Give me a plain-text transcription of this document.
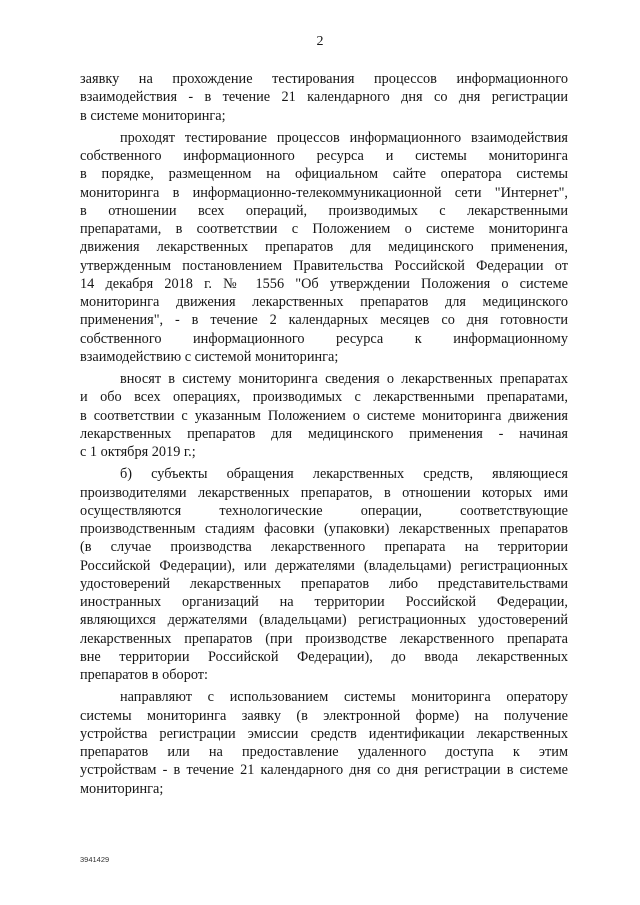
2

заявку на прохождение тестирования процессов информационного
взаимодействия - в течение 21 календарного дня со дня регистрации
в системе мониторинга;

проходят тестирование процессов информационного взаимодействия
собственного информационного ресурса и системы мониторинга
в порядке, размещенном на официальном сайте оператора системы
мониторинга в информационно-телекоммуникационной сети "Интернет",
в отношении всех операций, производимых с лекарственными
препаратами, в соответствии с Положением о системе мониторинга
движения лекарственных препаратов для медицинского применения,
утвержденным постановлением Правительства Российской Федерации от
14 декабря 2018 г. № 1556 "Об утверждении Положения о системе
мониторинга движения лекарственных препаратов для медицинского
применения", - в течение 2 календарных месяцев со дня готовности
собственного информационного ресурса к информационному
взаимодействию с системой мониторинга;

вносят в систему мониторинга сведения о лекарственных препаратах
и обо всех операциях, производимых с лекарственными препаратами,
в соответствии с указанным Положением о системе мониторинга движения
лекарственных препаратов для медицинского применения - начиная
с 1 октября 2019 г.;

б) субъекты обращения лекарственных средств, являющиеся
производителями лекарственных препаратов, в отношении которых ими
осуществляются технологические операции, соответствующие
производственным стадиям фасовки (упаковки) лекарственных препаратов
(в случае производства лекарственного препарата на территории
Российской Федерации), или держателями (владельцами) регистрационных
удостоверений лекарственных препаратов либо представительствами
иностранных организаций на территории Российской Федерации,
являющихся держателями (владельцами) регистрационных удостоверений
лекарственных препаратов (при производстве лекарственного препарата
вне территории Российской Федерации), до ввода лекарственных
препаратов в оборот:

направляют с использованием системы мониторинга оператору
системы мониторинга заявку (в электронной форме) на получение
устройства регистрации эмиссии средств идентификации лекарственных
препаратов или на предоставление удаленного доступа к этим
устройствам - в течение 21 календарного дня со дня регистрации в системе
мониторинга;

3941429
